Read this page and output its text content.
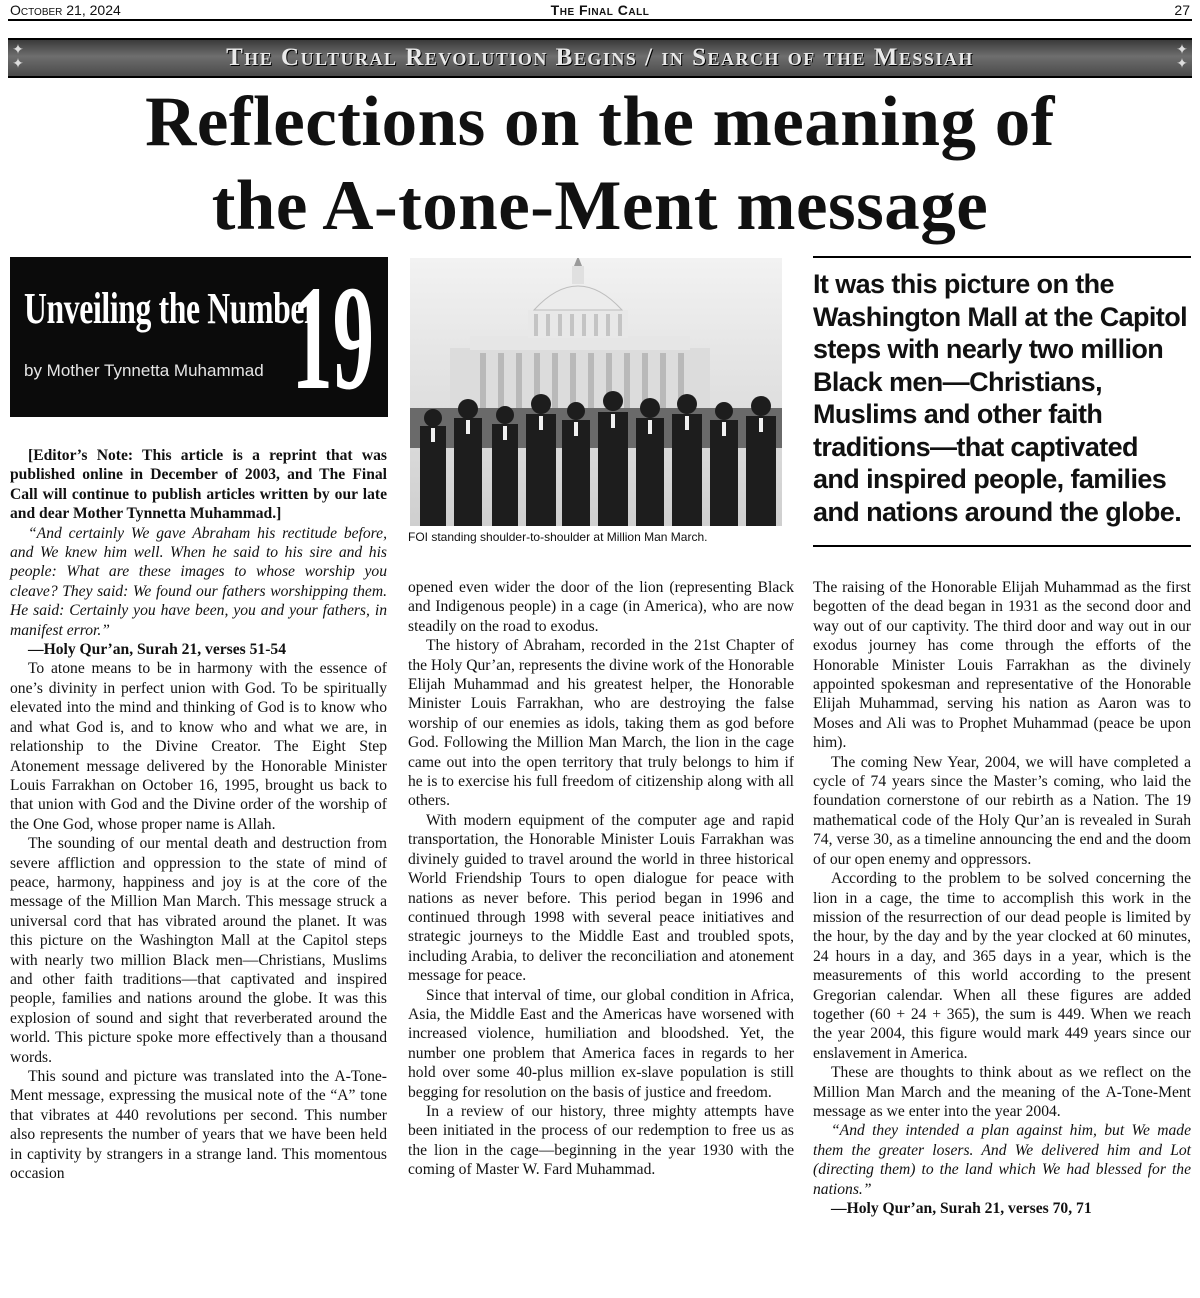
October 21, 2024	The Final Call	27
✦
✦	The Cultural Revolution Begins / in Search of the Messiah	✦
✦
Reflections on the meaning of
the A-tone-Ment message
Unveiling the Number
by Mother Tynnetta Muhammad 19
FOI standing shoulder-to-shoulder at Million Man March.
It was this picture on the Washington Mall at the Capitol steps with nearly two million Black men—Christians, Muslims and other faith traditions—that captivated and inspired people, families and nations around the globe.

[Editor’s Note: This article is a reprint that was published online in December of 2003, and The Final Call will continue to publish articles written by our late and dear Mother Tynnetta Muhammad.]

“And certainly We gave Abraham his rectitude before, and We knew him well. When he said to his sire and his people: What are these images to whose worship you cleave? They said: We found our fathers worshipping them. He said: Certainly you have been, you and your fathers, in manifest error.”

—Holy Qur’an, Surah 21, verses 51-54

To atone means to be in harmony with the essence of one’s divinity in perfect union with God. To be spiritually elevated into the mind and thinking of God is to know who and what God is, and to know who and what we are, in relationship to the Divine Creator. The Eight Step Atonement message delivered by the Honorable Minister Louis Farrakhan on October 16, 1995, brought us back to that union with God and the Divine order of the worship of the One God, whose proper name is Allah.

The sounding of our mental death and destruction from severe affliction and oppression to the state of mind of peace, harmony, happiness and joy is at the core of the message of the Million Man March. This message struck a universal cord that has vibrated around the planet. It was this picture on the Washington Mall at the Capitol steps with nearly two million Black men—Christians, Muslims and other faith traditions—that captivated and inspired people, families and nations around the globe. It was this explosion of sound and sight that reverberated around the world. This picture spoke more effectively than a thousand words.

This sound and picture was translated into the A-Tone-Ment message, expressing the musical note of the “A” tone that vibrates at 440 revolutions per second. This number also represents the number of years that we have been held in captivity by strangers in a strange land. This momentous occasion

opened even wider the door of the lion (representing Black and Indigenous people) in a cage (in America), who are now steadily on the road to exodus.

The history of Abraham, recorded in the 21st Chapter of the Holy Qur’an, represents the divine work of the Honorable Elijah Muhammad and his greatest helper, the Honorable Minister Louis Farrakhan, who are destroying the false worship of our enemies as idols, taking them as god before God. Following the Million Man March, the lion in the cage came out into the open territory that truly belongs to him if he is to exercise his full freedom of citizenship along with all others.

With modern equipment of the computer age and rapid transportation, the Honorable Minister Louis Farrakhan was divinely guided to travel around the world in three historical World Friendship Tours to open dialogue for peace with nations as never before. This period began in 1996 and continued through 1998 with several peace initiatives and strategic journeys to the Middle East and troubled spots, including Arabia, to deliver the reconciliation and atonement message for peace.

Since that interval of time, our global condition in Africa, Asia, the Middle East and the Americas have worsened with increased violence, humiliation and bloodshed. Yet, the number one problem that America faces in regards to her hold over some 40-plus million ex-slave population is still begging for resolution on the basis of justice and freedom.

In a review of our history, three mighty attempts have been initiated in the process of our redemption to free us as the lion in the cage—beginning in the year 1930 with the coming of Master W. Fard Muhammad.

The raising of the Honorable Elijah Muhammad as the first begotten of the dead began in 1931 as the second door and way out of our captivity. The third door and way out in our exodus journey has come through the efforts of the Honorable Minister Louis Farrakhan as the divinely appointed spokesman and representative of the Honorable Elijah Muhammad, serving his nation as Aaron was to Moses and Ali was to Prophet Muhammad (peace be upon him).

The coming New Year, 2004, we will have completed a cycle of 74 years since the Master’s coming, who laid the foundation cornerstone of our rebirth as a Nation. The 19 mathematical code of the Holy Qur’an is revealed in Surah 74, verse 30, as a timeline announcing the end and the doom of our open enemy and oppressors.

According to the problem to be solved concerning the lion in a cage, the time to accomplish this work in the mission of the resurrection of our dead people is limited by the hour, by the day and by the year clocked at 60 minutes, 24 hours in a day, and 365 days in a year, which is the measurements of this world according to the present Gregorian calendar. When all these figures are added together (60 + 24 + 365), the sum is 449. When we reach the year 2004, this figure would mark 449 years since our enslavement in America.

These are thoughts to think about as we reflect on the Million Man March and the meaning of the A-Tone-Ment message as we enter into the year 2004.

“And they intended a plan against him, but We made them the greater losers. And We delivered him and Lot (directing them) to the land which We had blessed for the nations.”

—Holy Qur’an, Surah 21, verses 70, 71
